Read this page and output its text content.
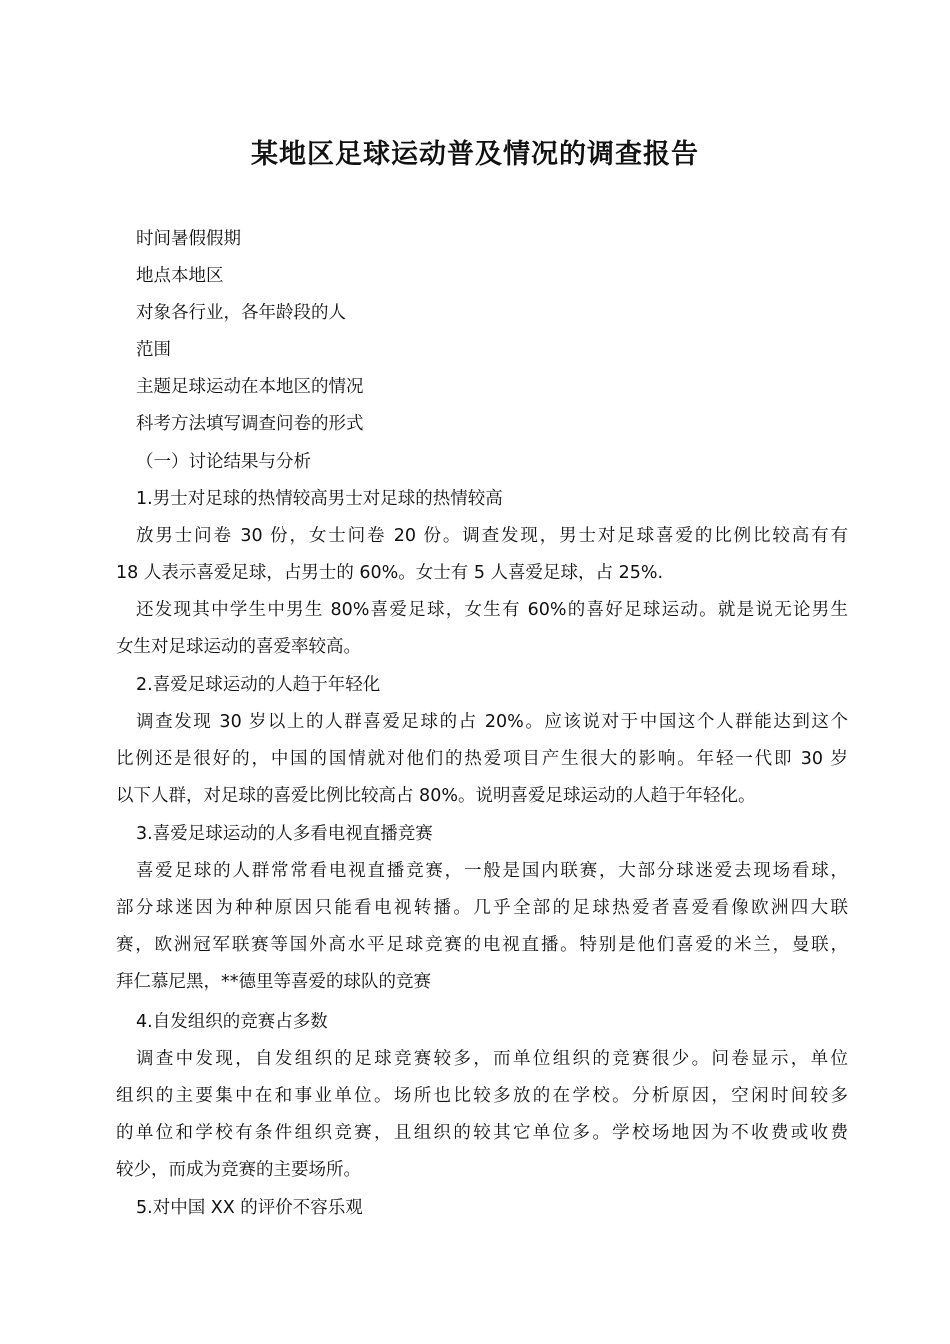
某地区足球运动普及情况的调查报告

时间暑假假期

地点本地区

对象各行业，各年龄段的人

范围

主题足球运动在本地区的情况

科考方法填写调查问卷的形式

（一）讨论结果与分析

1.男士对足球的热情较高男士对足球的热情较高

放男士问卷 30 份，女士问卷 20 份。调查发现，男士对足球喜爱的比例比较高有有

18 人表示喜爱足球，占男士的 60%。女士有 5 人喜爱足球，占 25%.

还发现其中学生中男生 80%喜爱足球，女生有 60%的喜好足球运动。就是说无论男生

女生对足球运动的喜爱率较高。

2.喜爱足球运动的人趋于年轻化

调查发现 30 岁以上的人群喜爱足球的占 20%。应该说对于中国这个人群能达到这个

比例还是很好的，中国的国情就对他们的热爱项目产生很大的影响。年轻一代即 30 岁

以下人群，对足球的喜爱比例比较高占 80%。说明喜爱足球运动的人趋于年轻化。

3.喜爱足球运动的人多看电视直播竞赛

喜爱足球的人群常常看电视直播竞赛，一般是国内联赛，大部分球迷爱去现场看球，

部分球迷因为种种原因只能看电视转播。几乎全部的足球热爱者喜爱看像欧洲四大联

赛，欧洲冠军联赛等国外高水平足球竞赛的电视直播。特别是他们喜爱的米兰，曼联，

拜仁慕尼黑，**德里等喜爱的球队的竞赛

4.自发组织的竞赛占多数

调查中发现，自发组织的足球竞赛较多，而单位组织的竞赛很少。问卷显示，单位

组织的主要集中在和事业单位。场所也比较多放的在学校。分析原因，空闲时间较多

的单位和学校有条件组织竞赛，且组织的较其它单位多。学校场地因为不收费或收费

较少，而成为竞赛的主要场所。

5.对中国 XX 的评价不容乐观
